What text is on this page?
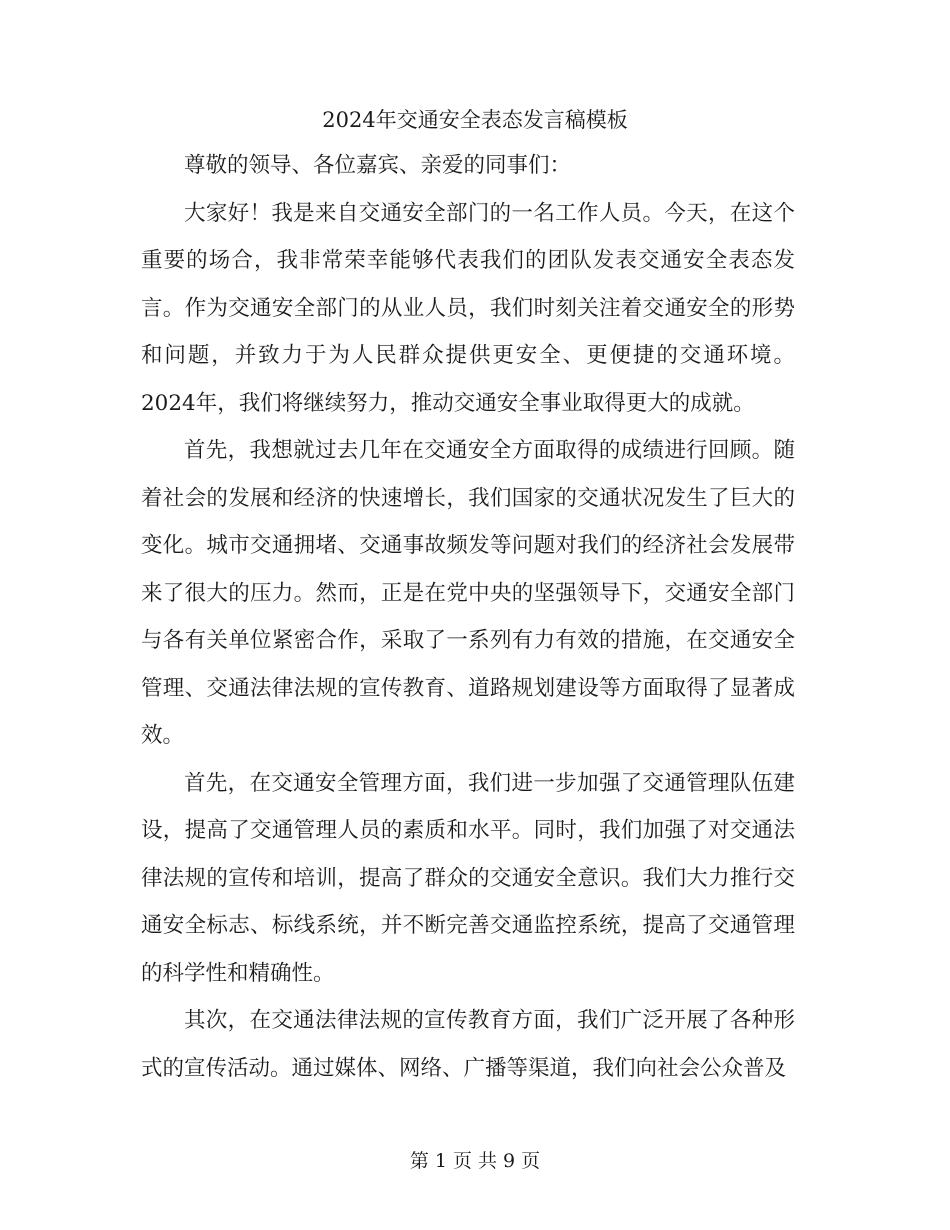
2024年交通安全表态发言稿模板

尊敬的领导、各位嘉宾、亲爱的同事们：

大家好！我是来自交通安全部门的一名工作人员。今天，在这个重要的场合，我非常荣幸能够代表我们的团队发表交通安全表态发言。作为交通安全部门的从业人员，我们时刻关注着交通安全的形势和问题，并致力于为人民群众提供更安全、更便捷的交通环境。2024年，我们将继续努力，推动交通安全事业取得更大的成就。

首先，我想就过去几年在交通安全方面取得的成绩进行回顾。随着社会的发展和经济的快速增长，我们国家的交通状况发生了巨大的变化。城市交通拥堵、交通事故频发等问题对我们的经济社会发展带来了很大的压力。然而，正是在党中央的坚强领导下，交通安全部门与各有关单位紧密合作，采取了一系列有力有效的措施，在交通安全管理、交通法律法规的宣传教育、道路规划建设等方面取得了显著成效。

首先，在交通安全管理方面，我们进一步加强了交通管理队伍建设，提高了交通管理人员的素质和水平。同时，我们加强了对交通法律法规的宣传和培训，提高了群众的交通安全意识。我们大力推行交通安全标志、标线系统，并不断完善交通监控系统，提高了交通管理的科学性和精确性。

其次，在交通法律法规的宣传教育方面，我们广泛开展了各种形式的宣传活动。通过媒体、网络、广播等渠道，我们向社会公众普及

第 1 页 共 9 页
